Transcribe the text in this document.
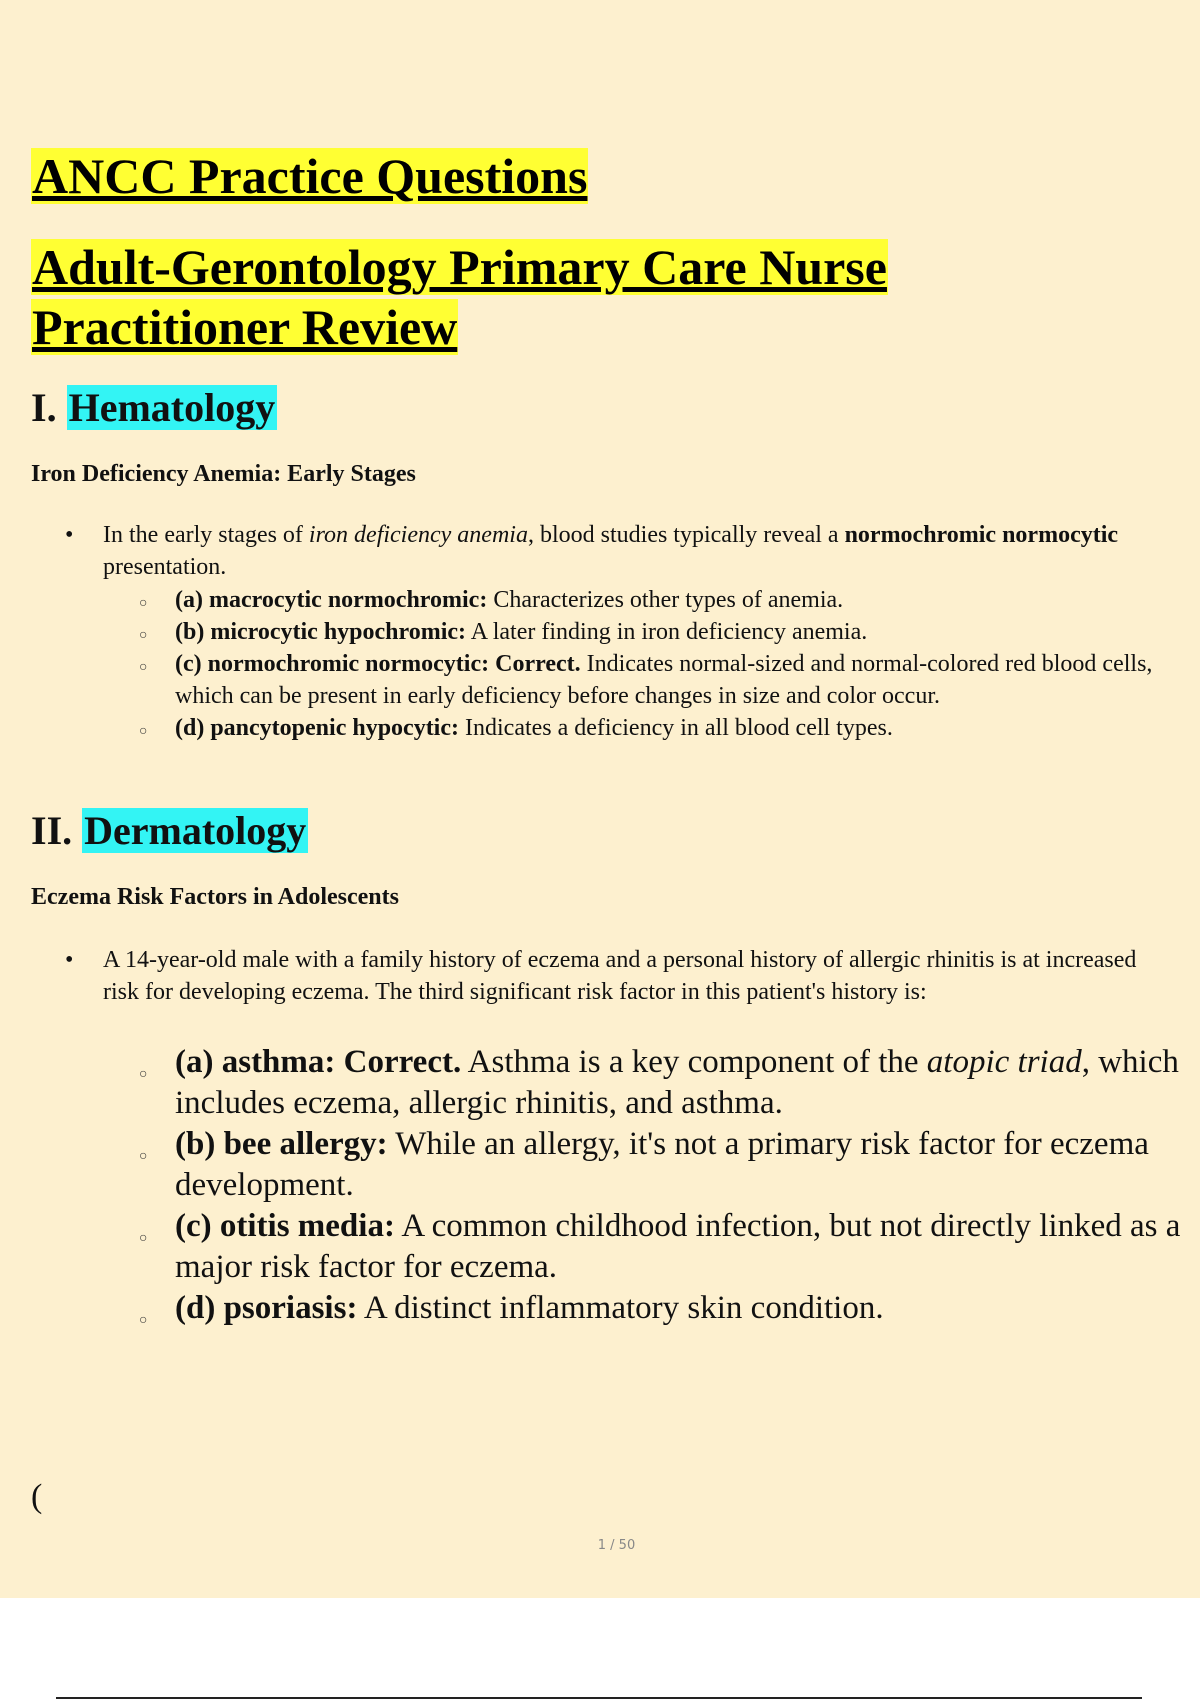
ANCC Practice Questions
Adult-Gerontology Primary Care Nurse
Practitioner Review
I. Hematology
Iron Deficiency Anemia: Early Stages
• In the early stages of iron deficiency anemia, blood studies typically reveal a normochromic normocytic presentation.
○ (a) macrocytic normochromic: Characterizes other types of anemia.
○ (b) microcytic hypochromic: A later finding in iron deficiency anemia.
○ (c) normochromic normocytic: Correct. Indicates normal-sized and normal-colored red blood cells, which can be present in early deficiency before changes in size and color occur.
○ (d) pancytopenic hypocytic: Indicates a deficiency in all blood cell types.
II. Dermatology
Eczema Risk Factors in Adolescents
• A 14-year-old male with a family history of eczema and a personal history of allergic rhinitis is at increased risk for developing eczema. The third significant risk factor in this patient's history is:
○ (a) asthma: Correct. Asthma is a key component of the atopic triad, which includes eczema, allergic rhinitis, and asthma.
○ (b) bee allergy: While an allergy, it's not a primary risk factor for eczema development.
○ (c) otitis media: A common childhood infection, but not directly linked as a major risk factor for eczema.
○ (d) psoriasis: A distinct inflammatory skin condition.
(
1 / 50
